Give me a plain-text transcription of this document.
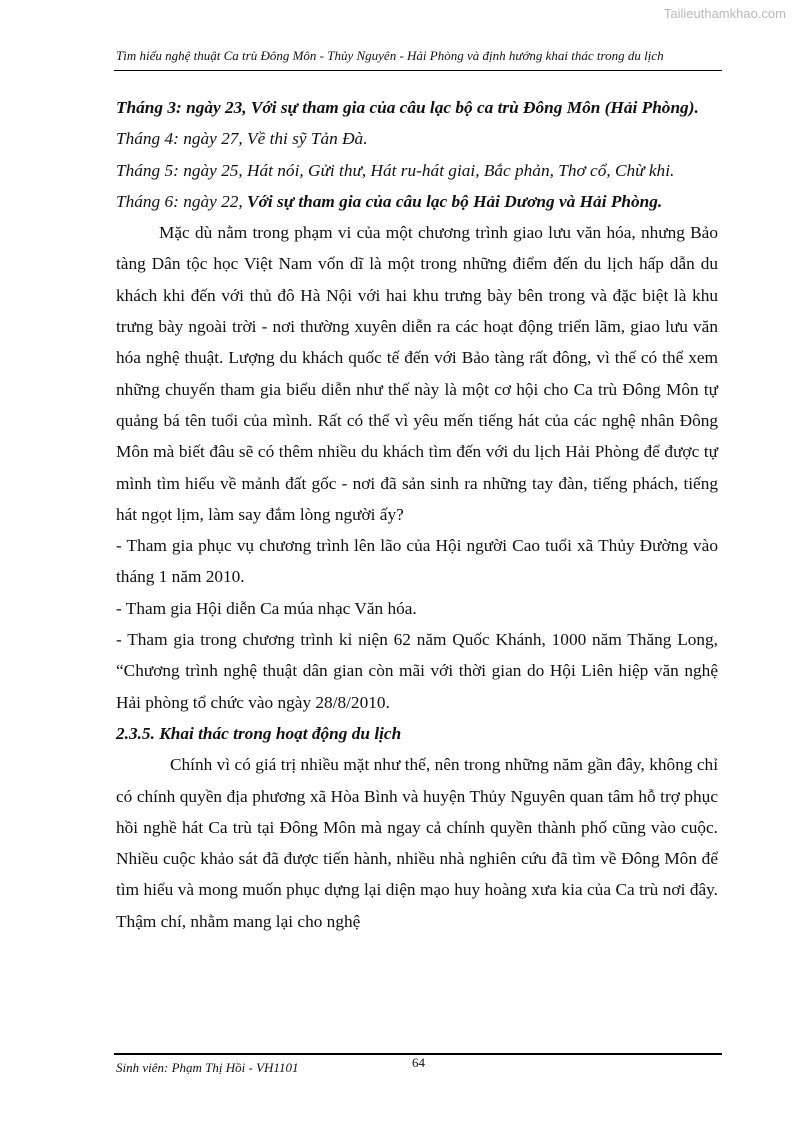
Tailieuthamkhao.com
Tìm hiểu nghệ thuật Ca trù Đông Môn - Thủy Nguyên - Hải Phòng và định hướng khai thác trong du lịch

Tháng 3: ngày 23, Với sự tham gia của câu lạc bộ ca trù Đông Môn (Hải Phòng).

Tháng 4: ngày 27, Về thi sỹ Tản Đà.

Tháng 5: ngày 25, Hát nói, Gửi thư, Hát ru-hát giai, Bắc phản, Thơ cổ, Chừ khi.

Tháng 6: ngày 22, Với sự tham gia của câu lạc bộ Hải Dương và Hải Phòng.

Mặc dù nằm trong phạm vi của một chương trình giao lưu văn hóa, nhưng Bảo tàng Dân tộc học Việt Nam vốn dĩ là một trong những điểm đến du lịch hấp dẫn du khách khi đến với thủ đô Hà Nội với hai khu trưng bày bên trong và đặc biệt là khu trưng bày ngoài trời - nơi thường xuyên diễn ra các hoạt động triển lãm, giao lưu văn hóa nghệ thuật. Lượng du khách quốc tế đến với Bảo tàng rất đông, vì thế có thể xem những chuyến tham gia biểu diễn như thế này là một cơ hội cho Ca trù Đông Môn tự quảng bá tên tuổi của mình. Rất có thể vì yêu mến tiếng hát của các nghệ nhân Đông Môn mà biết đâu sẽ có thêm nhiều du khách tìm đến với du lịch Hải Phòng để được tự mình tìm hiểu về mảnh đất gốc - nơi đã sản sinh ra những tay đàn, tiếng phách, tiếng hát ngọt lịm, làm say đắm lòng người ấy?

- Tham gia phục vụ chương trình lên lão của Hội người Cao tuổi xã Thủy Đường vào tháng 1 năm 2010.

- Tham gia Hội diễn Ca múa nhạc Văn hóa.

- Tham gia trong chương trình kỉ niện 62 năm Quốc Khánh, 1000 năm Thăng Long, “Chương trình nghệ thuật dân gian còn mãi với thời gian do Hội Liên hiệp văn nghệ Hải phòng tổ chức vào ngày 28/8/2010.

2.3.5. Khai thác trong hoạt động du lịch

Chính vì có giá trị nhiều mặt như thế, nên trong những năm gần đây, không chỉ có chính quyền địa phương xã Hòa Bình và huyện Thủy Nguyên quan tâm hỗ trợ phục hồi nghề hát Ca trù tại Đông Môn mà ngay cả chính quyền thành phố cũng vào cuộc. Nhiều cuộc khảo sát đã được tiến hành, nhiều nhà nghiên cứu đã tìm về Đông Môn để tìm hiểu và mong muốn phục dựng lại diện mạo huy hoàng xưa kia của Ca trù nơi đây. Thậm chí, nhằm mang lại cho nghệ

Sinh viên: Phạm Thị Hồi - VH1101	64
